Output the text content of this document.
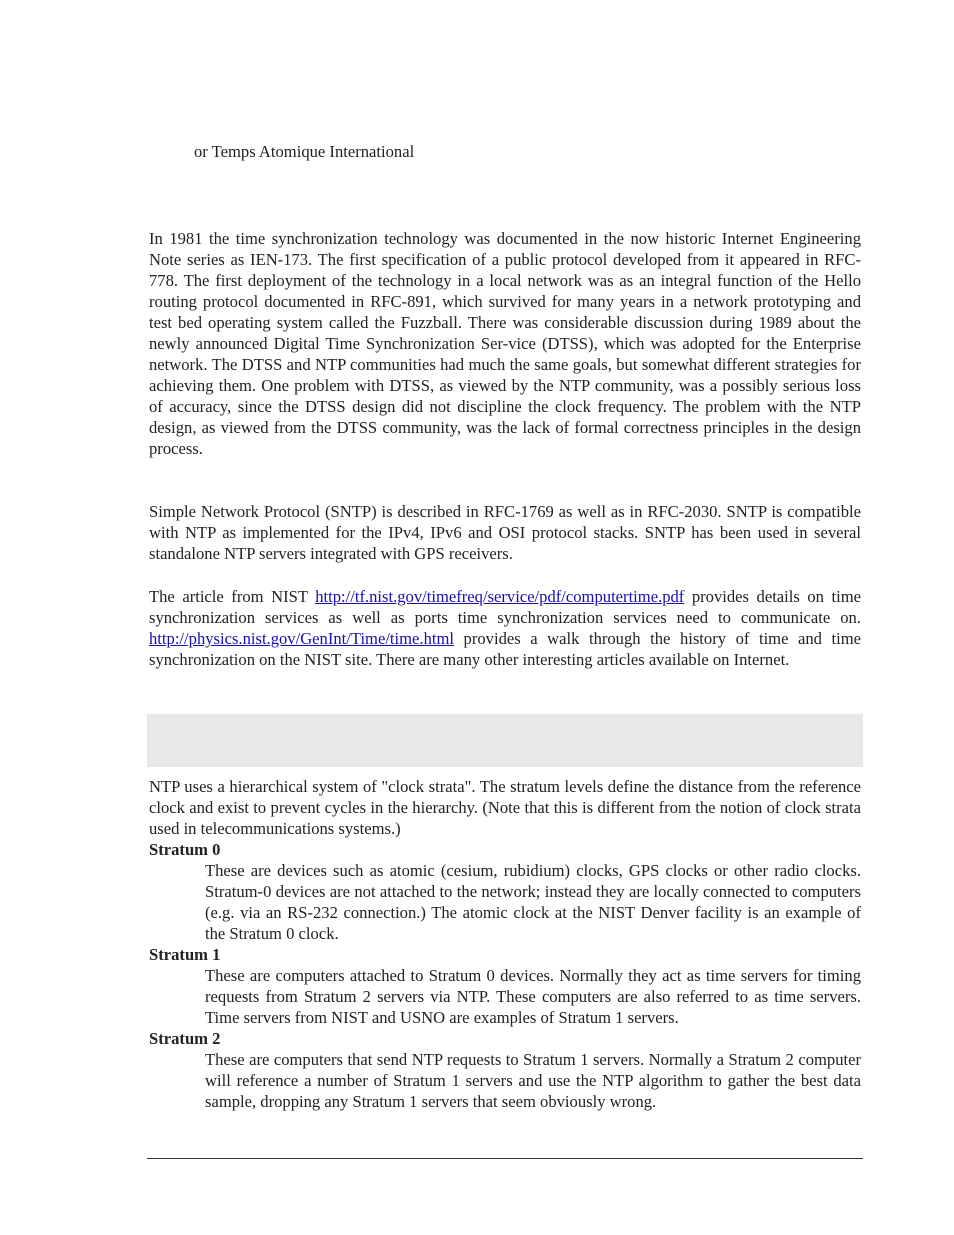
or Temps Atomique International

In 1981 the time synchronization technology was documented in the now historic Internet Engineering Note series as IEN-173. The first specification of a public protocol developed from it appeared in RFC-778. The first deployment of the technology in a local network was as an integral function of the Hello routing protocol documented in RFC-891, which survived for many years in a network prototyping and test bed operating system called the Fuzzball. There was considerable discussion during 1989 about the newly announced Digital Time Synchronization Ser-vice (DTSS), which was adopted for the Enterprise network. The DTSS and NTP communities had much the same goals, but somewhat different strategies for achieving them. One problem with DTSS, as viewed by the NTP community, was a possibly serious loss of accuracy, since the DTSS design did not discipline the clock frequency. The problem with the NTP design, as viewed from the DTSS community, was the lack of formal correctness principles in the design process.

Simple Network Protocol (SNTP) is described in RFC-1769 as well as in RFC-2030. SNTP is compatible with NTP as implemented for the IPv4, IPv6 and OSI protocol stacks. SNTP has been used in several standalone NTP servers integrated with GPS receivers.

The article from NIST http://tf.nist.gov/timefreq/service/pdf/computertime.pdf provides details on time synchronization services as well as ports time synchronization services need to communicate on. http://physics.nist.gov/GenInt/Time/time.html provides a walk through the history of time and time synchronization on the NIST site. There are many other interesting articles available on Internet.

NTP uses a hierarchical system of "clock strata". The stratum levels define the distance from the reference clock and exist to prevent cycles in the hierarchy. (Note that this is different from the notion of clock strata used in telecommunications systems.)

Stratum 0

These are devices such as atomic (cesium, rubidium) clocks, GPS clocks or other radio clocks. Stratum-0 devices are not attached to the network; instead they are locally connected to computers (e.g. via an RS-232 connection.) The atomic clock at the NIST Denver facility is an example of the Stratum 0 clock.

Stratum 1

These are computers attached to Stratum 0 devices. Normally they act as time servers for timing requests from Stratum 2 servers via NTP. These computers are also referred to as time servers. Time servers from NIST and USNO are examples of Stratum 1 servers.

Stratum 2

These are computers that send NTP requests to Stratum 1 servers. Normally a Stratum 2 computer will reference a number of Stratum 1 servers and use the NTP algorithm to gather the best data sample, dropping any Stratum 1 servers that seem obviously wrong.
